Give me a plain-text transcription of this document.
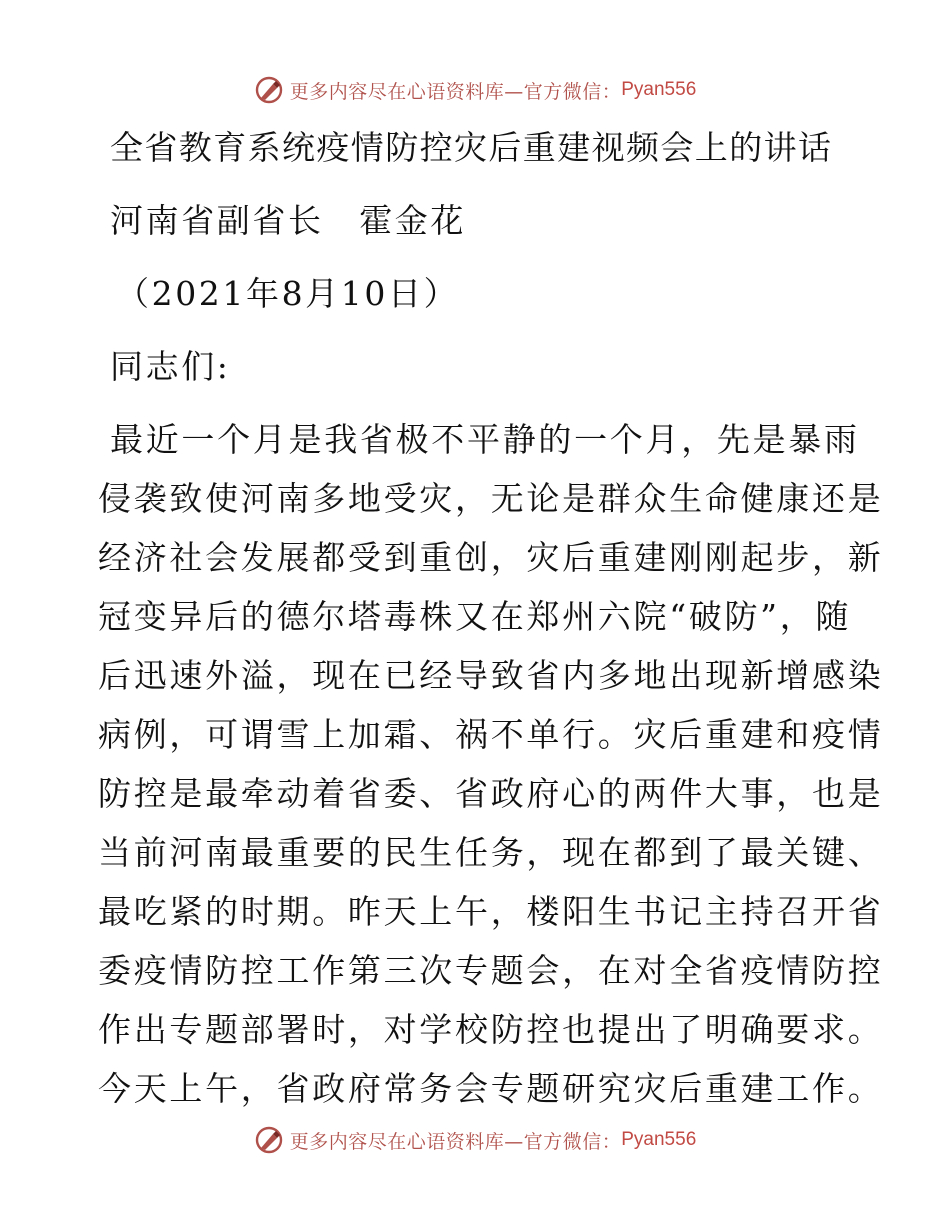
更多内容尽在心语资料库—官方微信： Pyan556
全省教育系统疫情防控灾后重建视频会上的讲话
河南省副省长　霍金花
（2021年8月10日）
同志们:
最近一个月是我省极不平静的一个月，先是暴雨
侵袭致使河南多地受灾，无论是群众生命健康还是
经济社会发展都受到重创，灾后重建刚刚起步，新
冠变异后的德尔塔毒株又在郑州六院“破防”，随
后迅速外溢，现在已经导致省内多地出现新增感染
病例，可谓雪上加霜、祸不单行。灾后重建和疫情
防控是最牵动着省委、省政府心的两件大事，也是
当前河南最重要的民生任务，现在都到了最关键、
最吃紧的时期。昨天上午，楼阳生书记主持召开省
委疫情防控工作第三次专题会，在对全省疫情防控
作出专题部署时，对学校防控也提出了明确要求。
今天上午，省政府常务会专题研究灾后重建工作。
更多内容尽在心语资料库—官方微信： Pyan556
